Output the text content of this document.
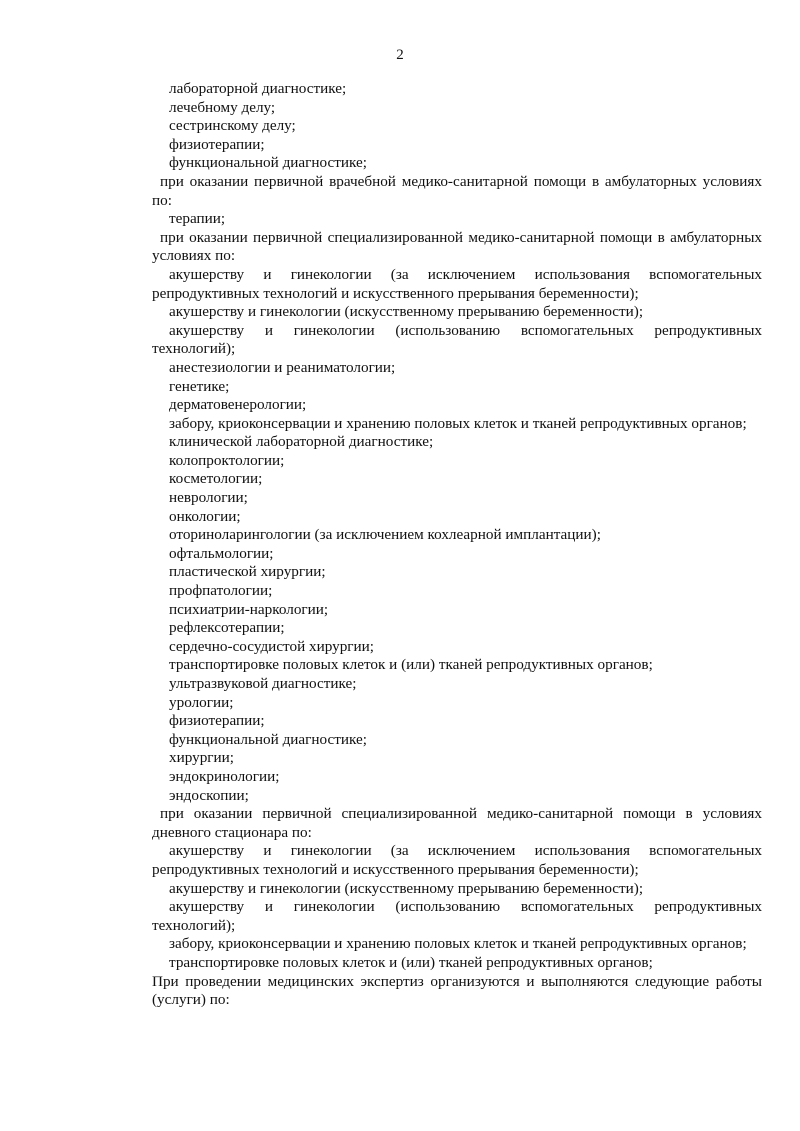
2

лабораторной диагностике;

лечебному делу;

сестринскому делу;

физиотерапии;

функциональной диагностике;

при оказании первичной врачебной медико-санитарной помощи в амбулаторных условиях по:

терапии;

при оказании первичной специализированной медико-санитарной помощи в амбулаторных условиях по:

акушерству и гинекологии (за исключением использования вспомогательных репродуктивных технологий и искусственного прерывания беременности);

акушерству и гинекологии (искусственному прерыванию беременности);

акушерству и гинекологии (использованию вспомогательных репродуктивных технологий);

анестезиологии и реаниматологии;

генетике;

дерматовенерологии;

забору, криоконсервации и хранению половых клеток и тканей репродуктивных органов;

клинической лабораторной диагностике;

колопроктологии;

косметологии;

неврологии;

онкологии;

оториноларингологии (за исключением кохлеарной имплантации);

офтальмологии;

пластической хирургии;

профпатологии;

психиатрии-наркологии;

рефлексотерапии;

сердечно-сосудистой хирургии;

транспортировке половых клеток и (или) тканей репродуктивных органов;

ультразвуковой диагностике;

урологии;

физиотерапии;

функциональной диагностике;

хирургии;

эндокринологии;

эндоскопии;

при оказании первичной специализированной медико-санитарной помощи в условиях дневного стационара по:

акушерству и гинекологии (за исключением использования вспомогательных репродуктивных технологий и искусственного прерывания беременности);

акушерству и гинекологии (искусственному прерыванию беременности);

акушерству и гинекологии (использованию вспомогательных репродуктивных технологий);

забору, криоконсервации и хранению половых клеток и тканей репродуктивных органов;

транспортировке половых клеток и (или) тканей репродуктивных органов;

При проведении медицинских экспертиз организуются и выполняются следующие работы (услуги) по:
